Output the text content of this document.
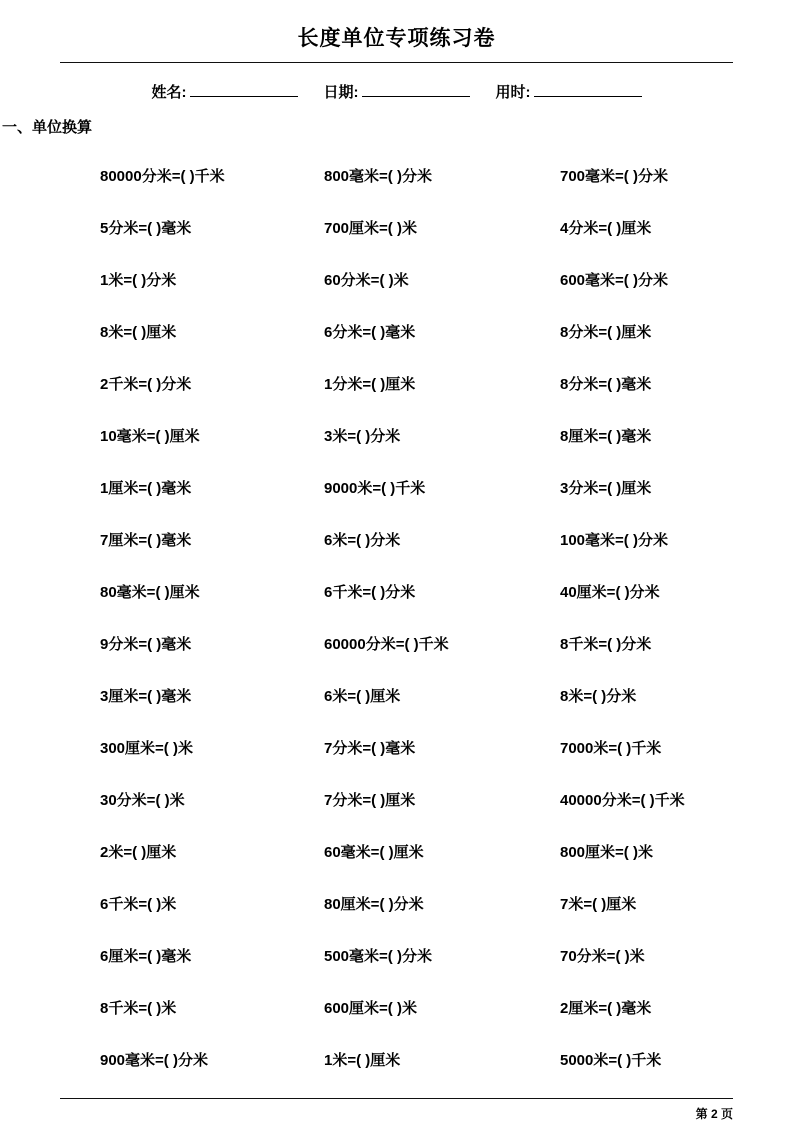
长度单位专项练习卷
姓名:	日期:	用时:
一、单位换算
80000分米=( )千米	800毫米=( )分米	700毫米=( )分米
5分米=( )毫米	700厘米=( )米	4分米=( )厘米
1米=( )分米	60分米=( )米	600毫米=( )分米
8米=( )厘米	6分米=( )毫米	8分米=( )厘米
2千米=( )分米	1分米=( )厘米	8分米=( )毫米
10毫米=( )厘米	3米=( )分米	8厘米=( )毫米
1厘米=( )毫米	9000米=( )千米	3分米=( )厘米
7厘米=( )毫米	6米=( )分米	100毫米=( )分米
80毫米=( )厘米	6千米=( )分米	40厘米=( )分米
9分米=( )毫米	60000分米=( )千米	8千米=( )分米
3厘米=( )毫米	6米=( )厘米	8米=( )分米
300厘米=( )米	7分米=( )毫米	7000米=( )千米
30分米=( )米	7分米=( )厘米	40000分米=( )千米
2米=( )厘米	60毫米=( )厘米	800厘米=( )米
6千米=( )米	80厘米=( )分米	7米=( )厘米
6厘米=( )毫米	500毫米=( )分米	70分米=( )米
8千米=( )米	600厘米=( )米	2厘米=( )毫米
900毫米=( )分米	1米=( )厘米	5000米=( )千米
第 2 页
